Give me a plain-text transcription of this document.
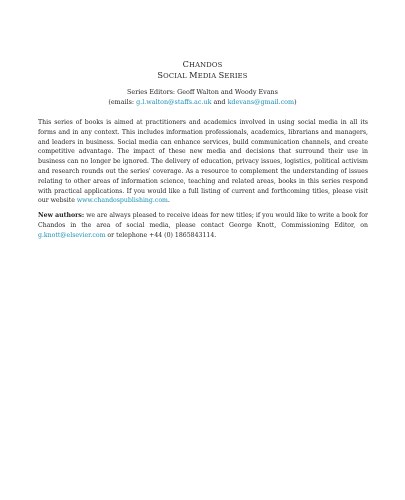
CHANDOS
SOCIAL MEDIA SERIES
Series Editors: Geoff Walton and Woody Evans
(emails: g.l.walton@staffs.ac.uk and kdevans@gmail.com)

This series of books is aimed at practitioners and academics involved in using social media in all its forms and in any context. This includes information professionals, academics, librarians and managers, and leaders in business. Social media can enhance services, build communication channels, and create competitive advantage. The impact of these new media and decisions that surround their use in business can no longer be ignored. The delivery of education, privacy issues, logistics, political activism and research rounds out the series' coverage. As a resource to complement the understanding of issues relating to other areas of information science, teaching and related areas, books in this series respond with practical applications. If you would like a full listing of current and forthcoming titles, please visit our website www.chandospublishing.com.

New authors: we are always pleased to receive ideas for new titles; if you would like to write a book for Chandos in the area of social media, please contact George Knott, Commissioning Editor, on g.knott@elsevier.com or telephone +44 (0) 1865843114.
